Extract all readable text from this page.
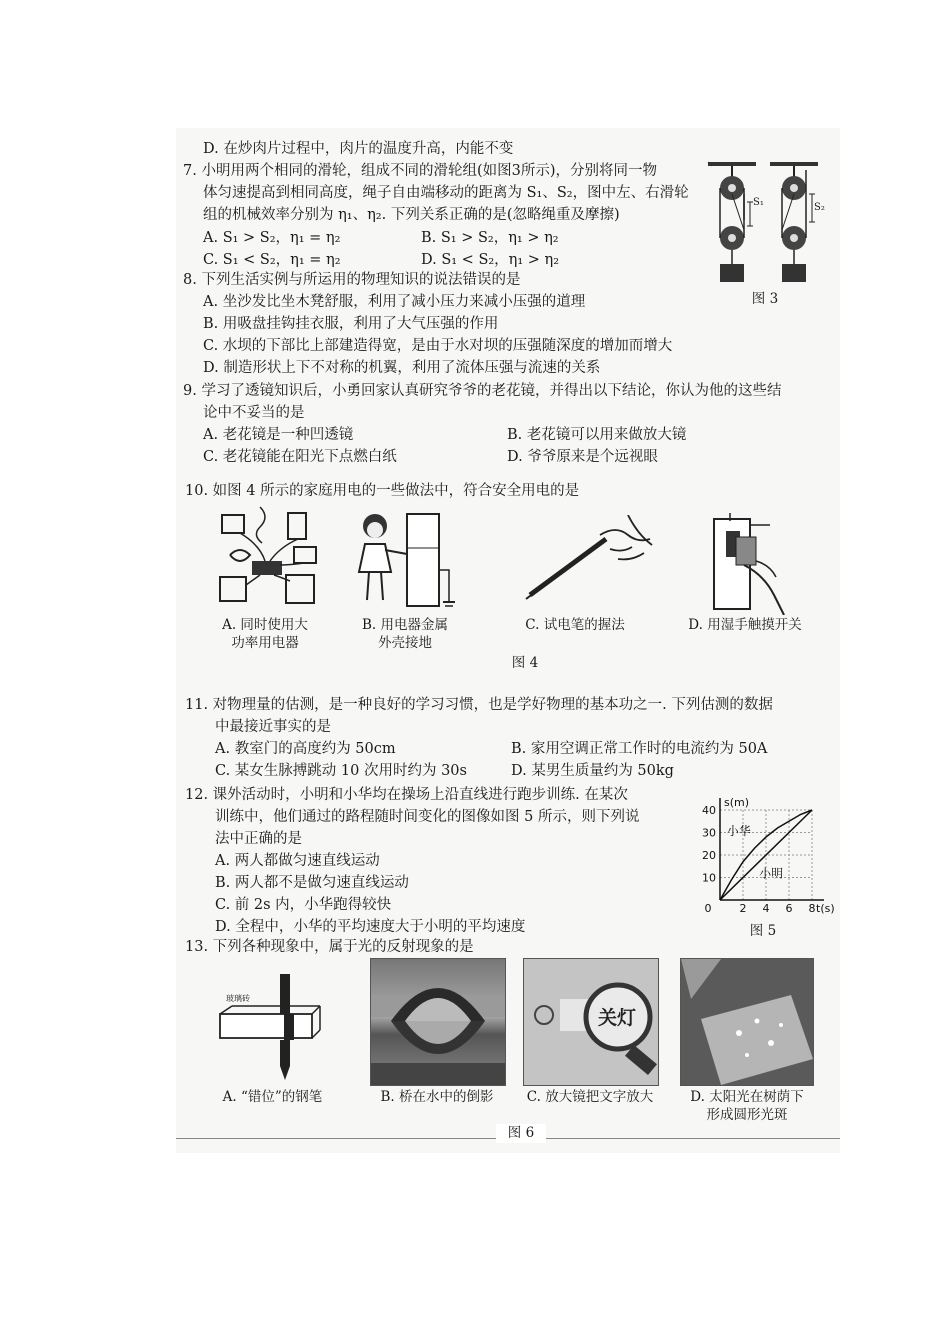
D. 在炒肉片过程中，肉片的温度升高，内能不变
7. 小明用两个相同的滑轮，组成不同的滑轮组(如图3所示)，分别将同一物
体匀速提高到相同高度，绳子自由端移动的距离为 S₁、S₂，图中左、右滑轮
组的机械效率分别为 η₁、η₂. 下列关系正确的是(忽略绳重及摩擦)
A. S₁ > S₂，η₁ = η₂	B. S₁ > S₂，η₁ > η₂
C. S₁ < S₂，η₁ = η₂	D. S₁ < S₂，η₁ > η₂
S₁	S₂
图 3
8. 下列生活实例与所运用的物理知识的说法错误的是
A. 坐沙发比坐木凳舒服，利用了减小压力来减小压强的道理
B. 用吸盘挂钩挂衣服，利用了大气压强的作用
C. 水坝的下部比上部建造得宽，是由于水对坝的压强随深度的增加而增大
D. 制造形状上下不对称的机翼，利用了流体压强与流速的关系
9. 学习了透镜知识后，小勇回家认真研究爷爷的老花镜，并得出以下结论，你认为他的这些结
论中不妥当的是
A. 老花镜是一种凹透镜	B. 老花镜可以用来做放大镜
C. 老花镜能在阳光下点燃白纸	D. 爷爷原来是个远视眼
10. 如图 4 所示的家庭用电的一些做法中，符合安全用电的是
A. 同时使用大
功率用电器
B. 用电器金属
外壳接地
C. 试电笔的握法	D. 用湿手触摸开关
图 4
11. 对物理量的估测，是一种良好的学习习惯，也是学好物理的基本功之一. 下列估测的数据
中最接近事实的是
A. 教室门的高度约为 50cm	B. 家用空调正常工作时的电流约为 50A
C. 某女生脉搏跳动 10 次用时约为 30s	D. 某男生质量约为 50kg
12. 课外活动时，小明和小华均在操场上沿直线进行跑步训练. 在某次
训练中，他们通过的路程随时间变化的图像如图 5 所示，则下列说
法中正确的是
A. 两人都做匀速直线运动
B. 两人都不是做匀速直线运动
C. 前 2s 内，小华跑得较快
D. 全程中，小华的平均速度大于小明的平均速度
0	2 4 6 8
10
20
30
40
s(m)
t(s)
小华
小明
图 5
13. 下列各种现象中，属于光的反射现象的是
玻璃砖
关灯
A. “错位”的钢笔	B. 桥在水中的倒影	C. 放大镜把文字放大	D. 太阳光在树荫下
形成圆形光斑
图 6
